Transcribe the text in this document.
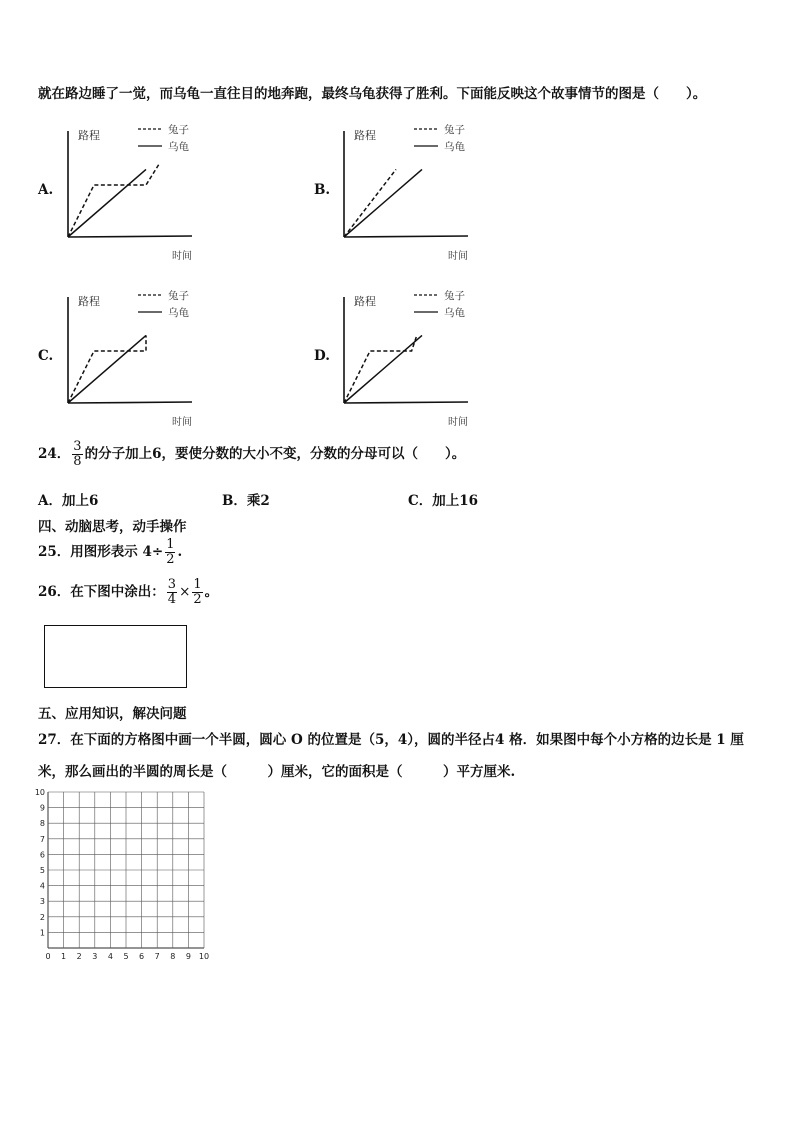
就在路边睡了一觉，而乌龟一直往目的地奔跑，最终乌龟获得了胜利。下面能反映这个故事情节的图是（　　）。
路程
时间
兔子
乌龟
路程
时间
兔子
乌龟
路程
时间
兔子
乌龟
路程
时间
兔子
乌龟
A.	B.
C.	D.
24． $\frac{3}{8}$ 的分子加上6，要使分数的大小不变，分数的分母可以（　　）。
A．加上6	B．乘2	C．加上16
四、动脑思考，动手操作
25．用图形表示 $4\div \frac{1}{2}$ .
26．在下图中涂出： $\frac{3}{4} \times \frac{1}{2}$ 。
五、应用知识，解决问题
27．在下面的方格图中画一个半圆，圆心 O 的位置是（5，4），圆的半径占4 格．如果图中每个小方格的边长是 1 厘
米，那么画出的半圆的周长是（　　　）厘米，它的面积是（　　　）平方厘米.
0 1 2 3 4 5 6 7 8 9 10
1
2
3
4
5
6
7
8
9
10
